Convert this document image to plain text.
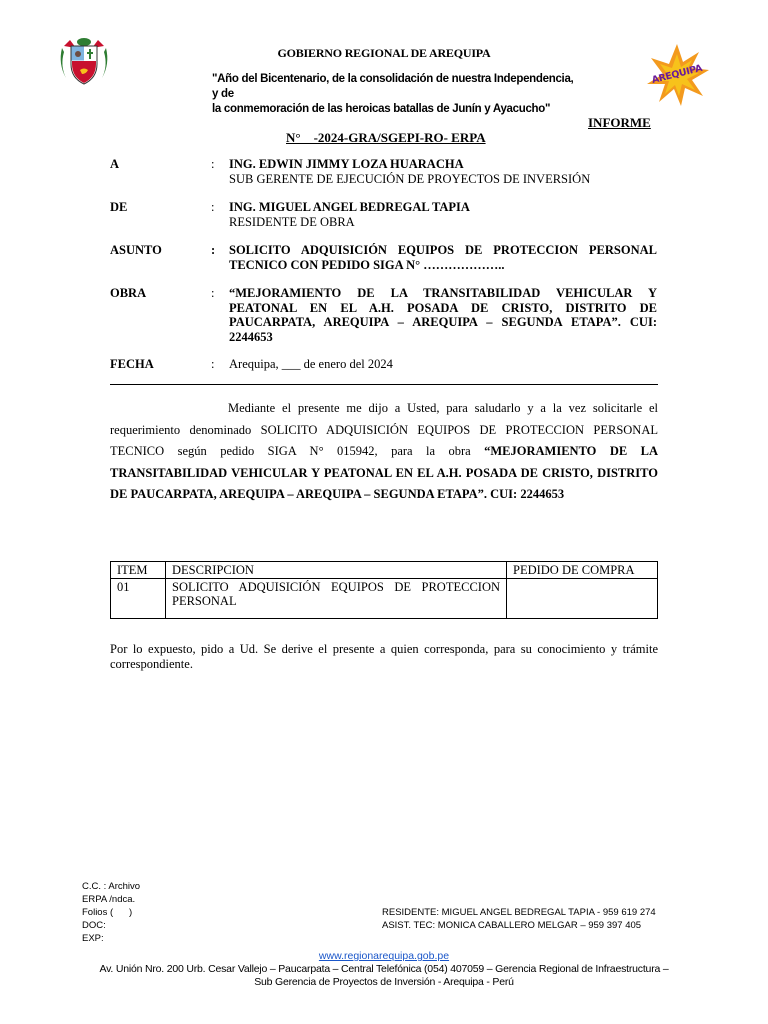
GOBIERNO REGIONAL DE AREQUIPA
"Año del Bicentenario, de la consolidación de nuestra Independencia, y de
la conmemoración de las heroicas batallas de Junín y Ayacucho"
AREQUIPA
INFORME
N°    -2024-GRA/SGEPI-RO- ERPA
A	: ING. EDWIN JIMMY LOZA HUARACHA
SUB GERENTE DE EJECUCIÓN DE PROYECTOS DE INVERSIÓN
DE	: ING. MIGUEL ANGEL BEDREGAL TAPIA
RESIDENTE DE OBRA
ASUNTO	: SOLICITO ADQUISICIÓN EQUIPOS DE PROTECCION PERSONAL
TECNICO CON PEDIDO SIGA N° ………………..
OBRA	: “MEJORAMIENTO DE LA TRANSITABILIDAD VEHICULAR Y
PEATONAL EN EL A.H. POSADA DE CRISTO, DISTRITO DE
PAUCARPATA, AREQUIPA – AREQUIPA – SEGUNDA ETAPA”. CUI:
2244653
FECHA	: Arequipa, ___ de enero del 2024
Mediante el presente me dijo a Usted, para saludarlo y a la vez solicitarle el requerimiento denominado SOLICITO ADQUISICIÓN EQUIPOS DE PROTECCION PERSONAL TECNICO según pedido SIGA N° 015942, para la obra “MEJORAMIENTO DE LA TRANSITABILIDAD VEHICULAR Y PEATONAL EN EL A.H. POSADA DE CRISTO, DISTRITO DE PAUCARPATA, AREQUIPA – AREQUIPA – SEGUNDA ETAPA”. CUI: 2244653
ITEM	DESCRIPCION	PEDIDO DE COMPRA
01	SOLICITO ADQUISICIÓN EQUIPOS DE PROTECCION PERSONAL	
Por lo expuesto, pido a Ud. Se derive el presente a quien corresponda, para su conocimiento y trámite correspondiente.
C.C. : Archivo
ERPA /ndca.
Folios (      )
DOC:
EXP:
RESIDENTE: MIGUEL ANGEL BEDREGAL TAPIA - 959 619 274
ASIST. TEC: MONICA CABALLERO MELGAR – 959 397 405
www.regionarequipa.gob.pe
Av. Unión Nro. 200 Urb. Cesar Vallejo – Paucarpata – Central Telefónica (054) 407059 – Gerencia Regional de Infraestructura –
Sub Gerencia de Proyectos de Inversión - Arequipa - Perú
